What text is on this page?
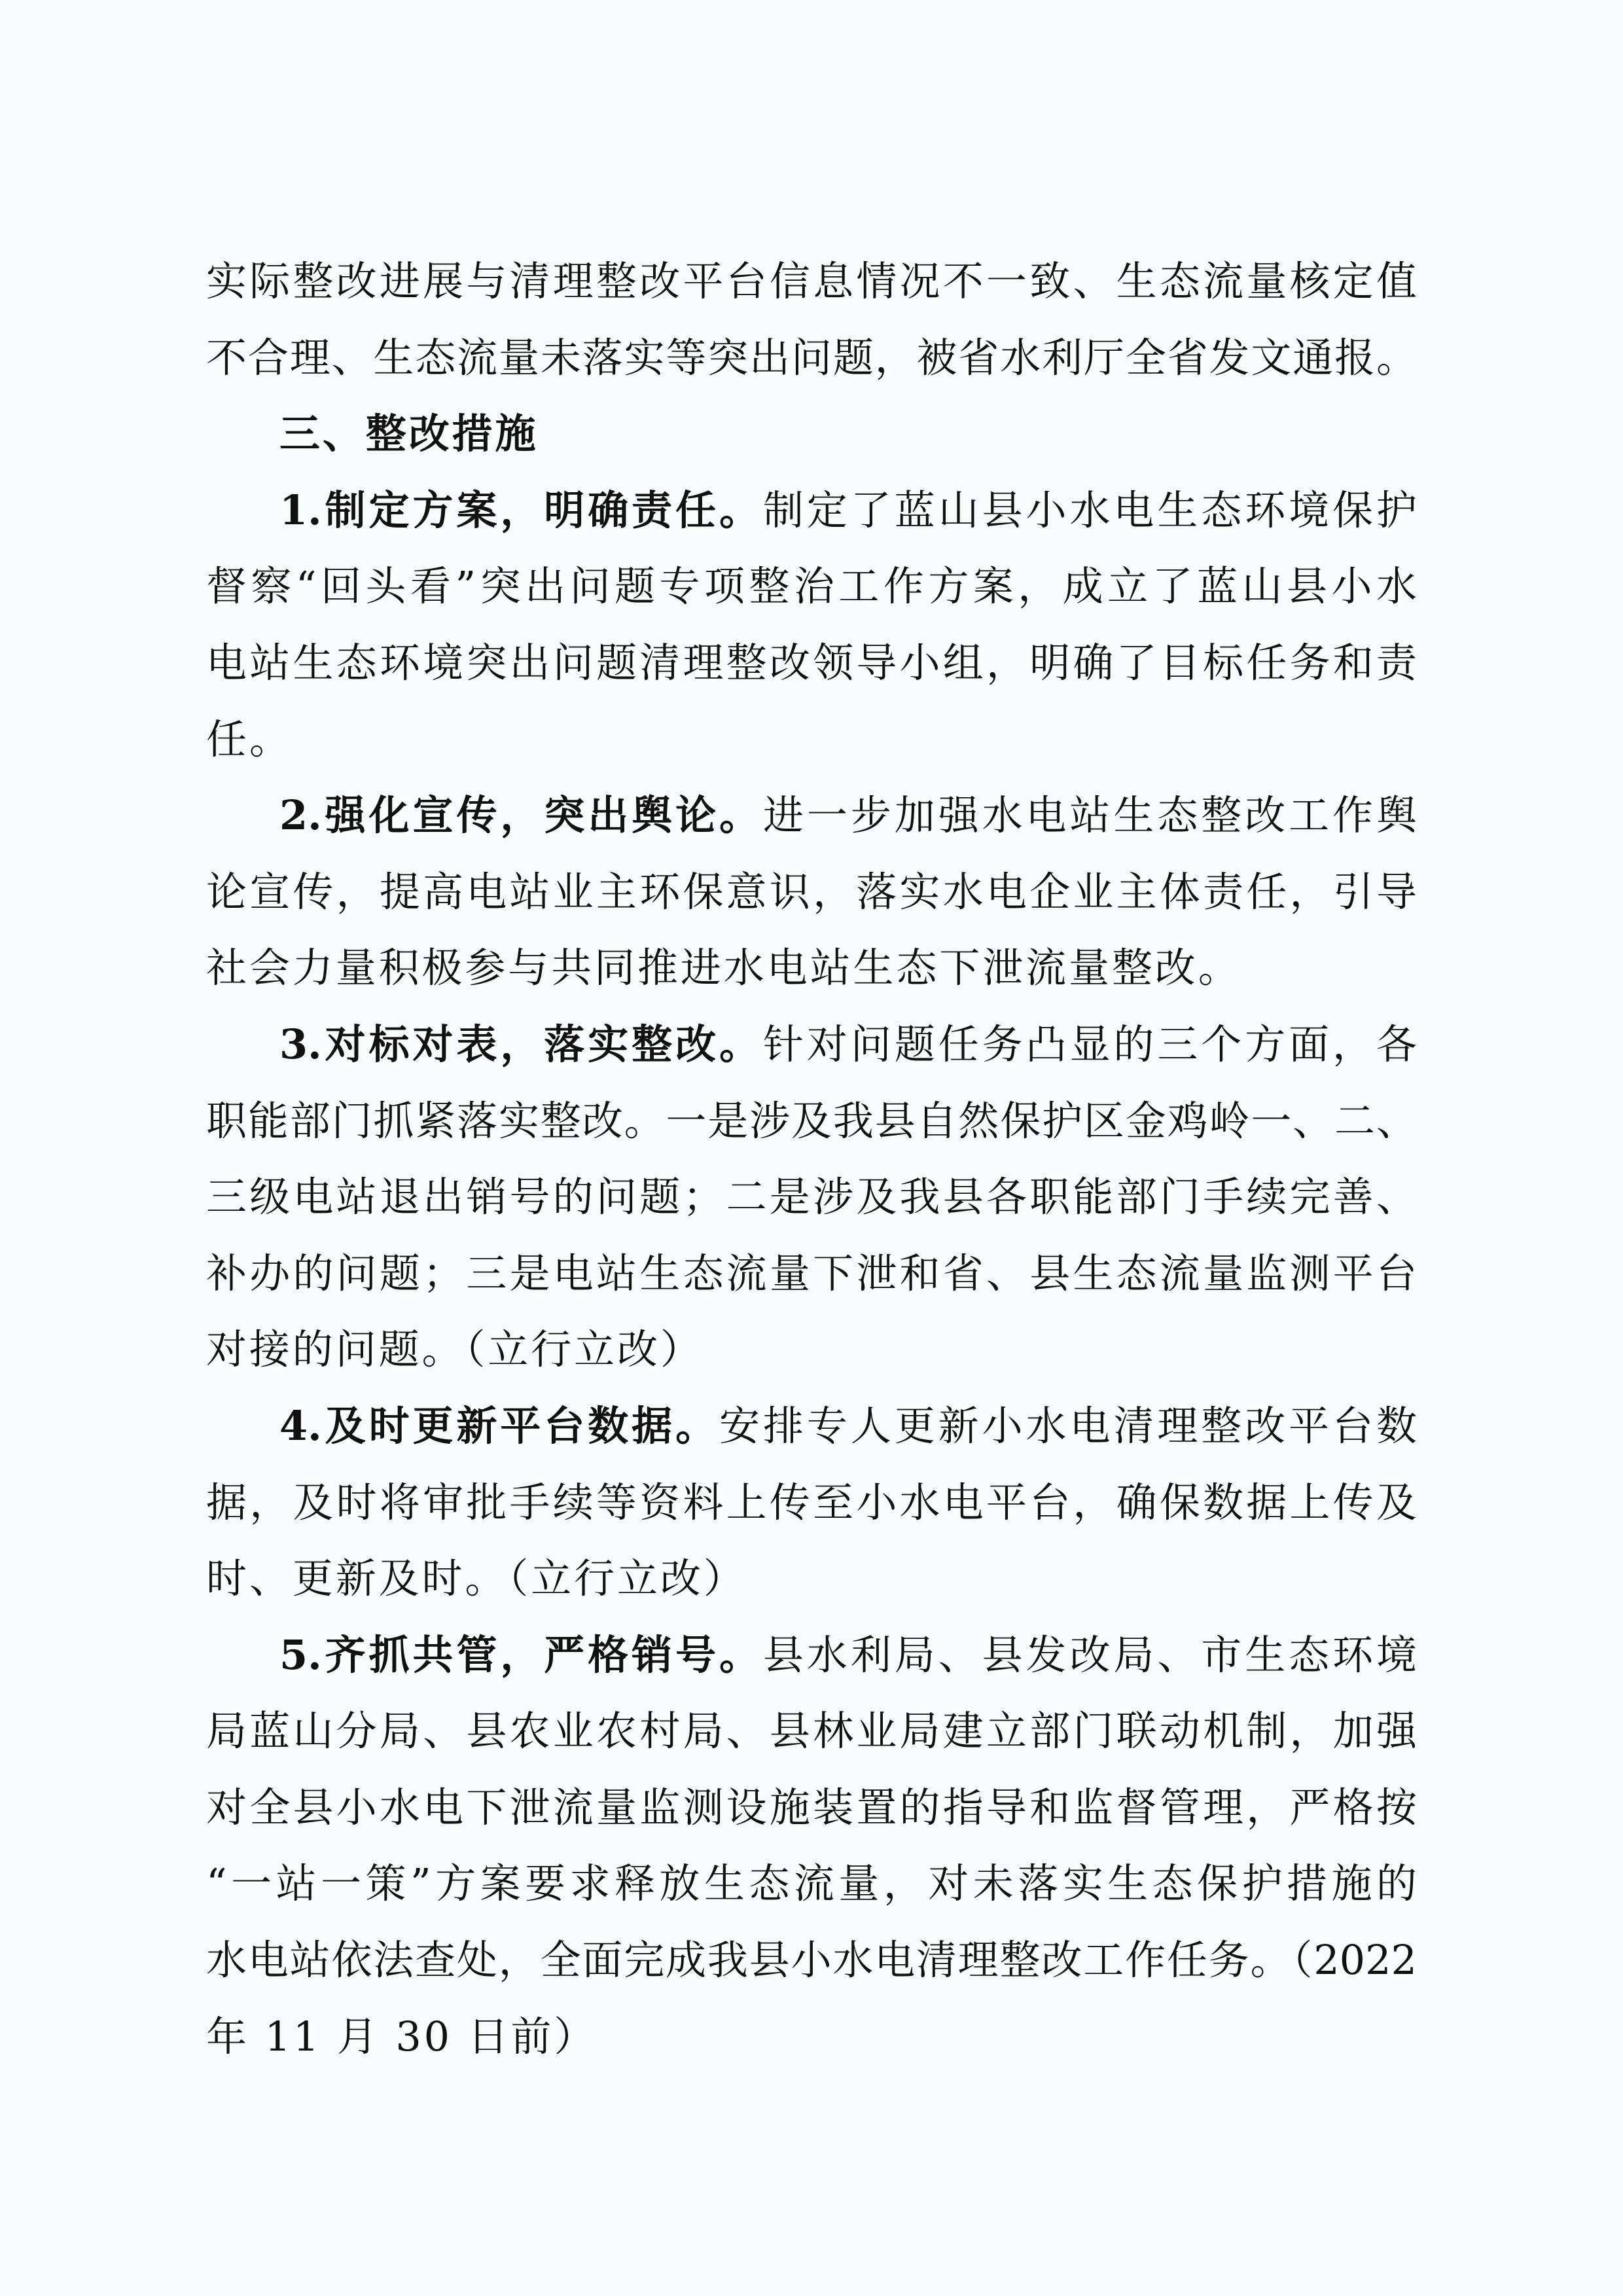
实际整改进展与清理整改平台信息情况不一致、生态流量核定值
不合理、生态流量未落实等突出问题，被省水利厅全省发文通报。
三、整改措施
1.制定方案，明确责任。制定了蓝山县小水电生态环境保护
督察“回头看”突出问题专项整治工作方案，成立了蓝山县小水
电站生态环境突出问题清理整改领导小组，明确了目标任务和责
任。
2.强化宣传，突出舆论。进一步加强水电站生态整改工作舆
论宣传，提高电站业主环保意识，落实水电企业主体责任，引导
社会力量积极参与共同推进水电站生态下泄流量整改。
3.对标对表，落实整改。针对问题任务凸显的三个方面，各
职能部门抓紧落实整改。一是涉及我县自然保护区金鸡岭一、二、
三级电站退出销号的问题；二是涉及我县各职能部门手续完善、
补办的问题；三是电站生态流量下泄和省、县生态流量监测平台
对接的问题。（立行立改）
4.及时更新平台数据。安排专人更新小水电清理整改平台数
据，及时将审批手续等资料上传至小水电平台，确保数据上传及
时、更新及时。（立行立改）
5.齐抓共管，严格销号。县水利局、县发改局、市生态环境
局蓝山分局、县农业农村局、县林业局建立部门联动机制，加强
对全县小水电下泄流量监测设施装置的指导和监督管理，严格按
“一站一策”方案要求释放生态流量，对未落实生态保护措施的
水电站依法查处，全面完成我县小水电清理整改工作任务。（2022
年 11 月 30 日前）
